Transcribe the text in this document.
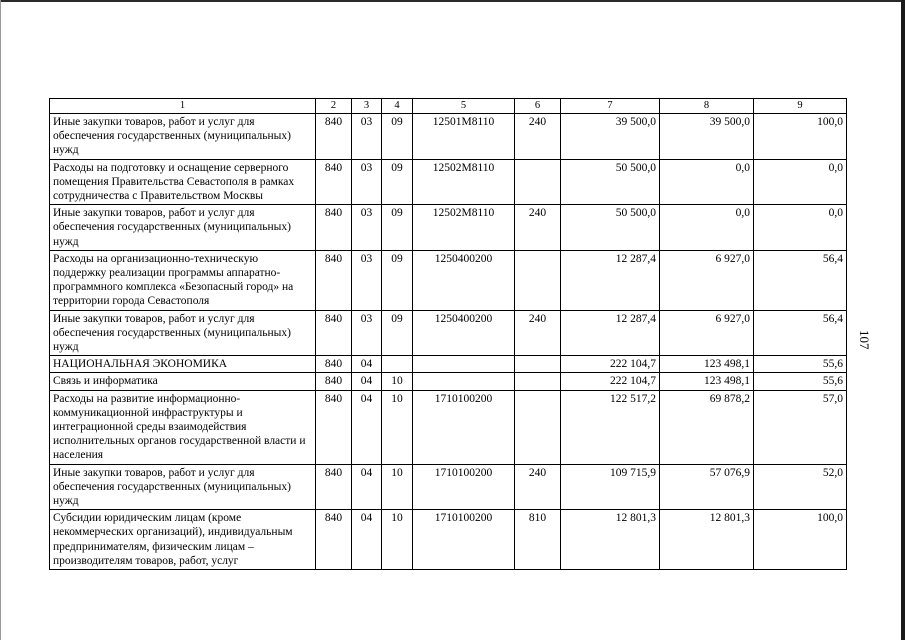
1	2	3	4	5	6	7	8	9
Иные закупки товаров, работ и услуг для обеспечения государственных (муниципальных) нужд	840	03	09	12501M8110	240	39 500,0	39 500,0	100,0
Расходы на подготовку и оснащение серверного помещения Правительства Севастополя в рамках сотрудничества с Правительством Москвы	840	03	09	12502M8110		50 500,0	0,0	0,0
Иные закупки товаров, работ и услуг для обеспечения государственных (муниципальных) нужд	840	03	09	12502M8110	240	50 500,0	0,0	0,0
Расходы на организационно-техническую поддержку реализации программы аппаратно-программного комплекса «Безопасный город» на территории города Севастополя	840	03	09	1250400200		12 287,4	6 927,0	56,4
Иные закупки товаров, работ и услуг для обеспечения государственных (муниципальных) нужд	840	03	09	1250400200	240	12 287,4	6 927,0	56,4
НАЦИОНАЛЬНАЯ ЭКОНОМИКА	840	04				222 104,7	123 498,1	55,6
Связь и информатика	840	04	10			222 104,7	123 498,1	55,6
Расходы на развитие информационно-коммуникационной инфраструктуры и интеграционной среды взаимодействия исполнительных органов государственной власти и населения	840	04	10	1710100200		122 517,2	69 878,2	57,0
Иные закупки товаров, работ и услуг для обеспечения государственных (муниципальных) нужд	840	04	10	1710100200	240	109 715,9	57 076,9	52,0
Субсидии юридическим лицам (кроме некоммерческих организаций), индивидуальным предпринимателям, физическим лицам – производителям товаров, работ, услуг	840	04	10	1710100200	810	12 801,3	12 801,3	100,0
107
